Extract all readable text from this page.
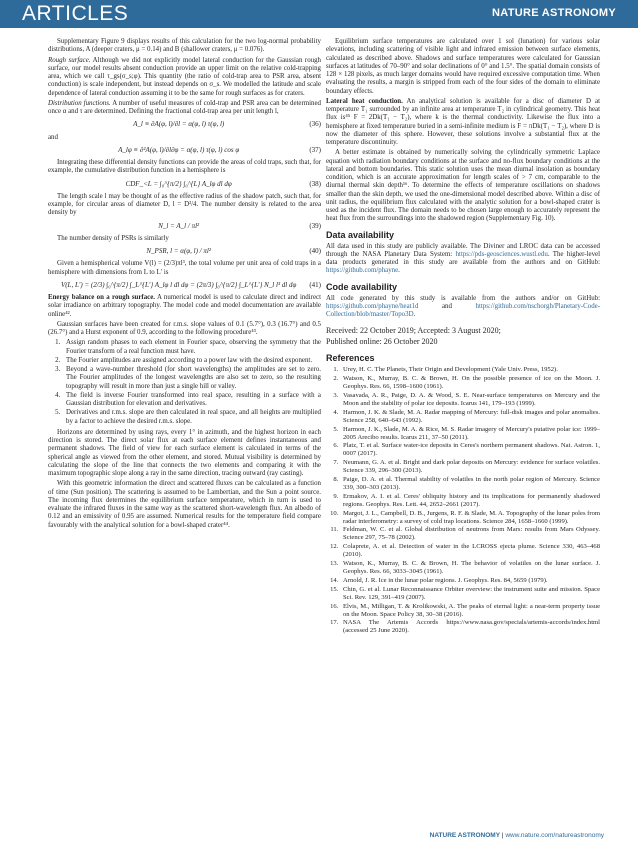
ARTICLES	NATURE ASTRONOMY

Supplementary Figure 9 displays results of this calculation for the two log-normal probability distributions, A (deeper craters, μ = 0.14) and B (shallower craters, μ = 0.076).

Rough surface. Although we did not explicitly model lateral conduction for the Gaussian rough surface, our model results absent conduction provide an upper limit on the relative cold-trapping area, which we call τ_gs(σ_s;φ). This quantity (the ratio of cold-trap area to PSR area, absent conduction) is scale independent, but instead depends on σ_s. We modelled the latitude and scale dependence of lateral conduction assuming it to be the same for rough surfaces as for craters.

Distribution functions. A number of useful measures of cold-trap and PSR area can be determined once α and τ are determined. Defining the fractional cold-trap area per unit length l,

A_l ≡ ∂A(φ, l)/∂l = α(φ, l) τ(φ, l)	(36)

and

A_lφ ≡ ∂²A(φ, l)/∂l∂φ = α(φ, l) τ(φ, l) cos φ	(37)

Integrating these differential density functions can provide the areas of cold traps, such that, for example, the cumulative distribution function in a hemisphere is

CDF_<L = ∫₀^{π/2} ∫₀^{L} A_lφ dl dφ	(38)

The length scale l may be thought of as the effective radius of the shadow patch, such that, for example, for circular areas of diameter D, l = D²/4. The number density is related to the area density by

N_l = A_l / πl²	(39)

The number density of PSRs is similarly

N_PSR, l = α(φ, l) / πl²	(40)

Given a hemispherical volume V(l) = (2/3)πl³, the total volume per unit area of cold traps in a hemisphere with dimensions from L to L′ is

V(L, L′) = (2/3) ∫₀^{π/2} ∫_L^{L′} A_lφ l dl dφ = (2π/3) ∫₀^{π/2} ∫_L^{L′} N_l l³ dl dφ	(41)

Energy balance on a rough surface. A numerical model is used to calculate direct and indirect solar irradiance on arbitrary topography. The model code and model documentation are available online⁴².

Gaussian surfaces have been created for r.m.s. slope values of 0.1 (5.7°), 0.3 (16.7°) and 0.5 (26.7°) and a Hurst exponent of 0.9, according to the following procedure⁴³.

1. Assign random phases to each element in Fourier space, observing the symmetry that the Fourier transform of a real function must have.
2. The Fourier amplitudes are assigned according to a power law with the desired exponent.
3. Beyond a wave-number threshold (for short wavelengths) the amplitudes are set to zero. The Fourier amplitudes of the longest wavelengths are also set to zero, so the resulting topography will result in more than just a single hill or valley.
4. The field is inverse Fourier transformed into real space, resulting in a surface with a Gaussian distribution for elevation and derivatives.
5. Derivatives and r.m.s. slope are then calculated in real space, and all heights are multiplied by a factor to achieve the desired r.m.s. slope.

Horizons are determined by using rays, every 1° in azimuth, and the highest horizon in each direction is stored. The direct solar flux at each surface element defines instantaneous and permanent shadows. The field of view for each surface element is calculated in terms of the spherical angle as viewed from the other element, and stored. Mutual visibility is determined by calculating the slope of the line that connects the two elements and comparing it with the maximum topographic slope along a ray in the same direction, tracing outward (ray casting).

With this geometric information the direct and scattered fluxes can be calculated as a function of time (Sun position). The scattering is assumed to be Lambertian, and the Sun a point source. The incoming flux determines the equilibrium surface temperature, which in turn is used to evaluate the infrared fluxes in the same way as the scattered short-wavelength flux. An albedo of 0.12 and an emissivity of 0.95 are assumed. Numerical results for the temperature field compare favourably with the analytical solution for a bowl-shaped crater⁴⁴.

Equilibrium surface temperatures are calculated over 1 sol (lunation) for various solar elevations, including scattering of visible light and infrared emission between surface elements, calculated as described above. Shadows and surface temperatures were calculated for Gaussian surfaces at latitudes of 70–90° and solar declinations of 0° and 1.5°. The spatial domain consists of 128 × 128 pixels, as much larger domains would have required excessive computation time. When evaluating the results, a margin is stripped from each of the four sides of the domain to eliminate boundary effects.

Lateral heat conduction. An analytical solution is available for a disc of diameter D at temperature T₁ surrounded by an infinite area at temperature T₂ in cylindrical geometry. This heat flux is⁴⁵ F = 2Dk(T₁ − T₂), where k is the thermal conductivity. Likewise the flux into a hemisphere at fixed temperature buried in a semi-infinite medium is F = πDk(T₁ − T₂), where D is now the diameter of this sphere. However, these solutions involve a substantial flux at the temperature discontinuity.

A better estimate is obtained by numerically solving the cylindrically symmetric Laplace equation with radiation boundary conditions at the surface and no-flux boundary conditions at the lateral and bottom boundaries. This static solution uses the mean diurnal insolation as boundary condition, which is an accurate approximation for length scales of > 7 cm, comparable to the diurnal thermal skin depth¹⁶. To determine the effects of temperature oscillations on shadows smaller than the skin depth, we used the one-dimensional model described above. Within a disc of unit radius, the equilibrium flux calculated with the analytic solution for a bowl-shaped crater is used as the incident flux. The domain needs to be chosen large enough to accurately represent the heat flux from the surroundings into the shadowed region (Supplementary Fig. 10).

Data availability

All data used in this study are publicly available. The Diviner and LROC data can be accessed through the NASA Planetary Data System: https://pds-geosciences.wustl.edu. The higher-level data products generated in this study are available from the authors and on GitHub: https://github.com/phayne.

Code availability

All code generated by this study is available from the authors and/or on GitHub: https://github.com/phayne/heat1d and https://github.com/nschorgh/Planetary-Code-Collection/blob/master/Topo3D.

Received: 22 October 2019; Accepted: 3 August 2020;
Published online: 26 October 2020
References
1. Urey, H. C. The Planets, Their Origin and Development (Yale Univ. Press, 1952).
2. Watson, K., Murray, B. C. & Brown, H. On the possible presence of ice on the Moon. J. Geophys. Res. 66, 1598–1600 (1961).
3. Vasavada, A. R., Paige, D. A. & Wood, S. E. Near-surface temperatures on Mercury and the Moon and the stability of polar ice deposits. Icarus 141, 179–193 (1999).
4. Harmon, J. K. & Slade, M. A. Radar mapping of Mercury: full-disk images and polar anomalies. Science 258, 640–643 (1992).
5. Harmon, J. K., Slade, M. A. & Rice, M. S. Radar imagery of Mercury's putative polar ice: 1999–2005 Arecibo results. Icarus 211, 37–50 (2011).
6. Platz, T. et al. Surface water-ice deposits in Ceres's northern permanent shadows. Nat. Astron. 1, 0007 (2017).
7. Neumann, G. A. et al. Bright and dark polar deposits on Mercury: evidence for surface volatiles. Science 339, 296–300 (2013).
8. Paige, D. A. et al. Thermal stability of volatiles in the north polar region of Mercury. Science 339, 300–303 (2013).
9. Ermakov, A. I. et al. Ceres' obliquity history and its implications for permanently shadowed regions. Geophys. Res. Lett. 44, 2652–2661 (2017).
10. Margot, J. L., Campbell, D. B., Jurgens, R. F. & Slade, M. A. Topography of the lunar poles from radar interferometry: a survey of cold trap locations. Science 284, 1658–1660 (1999).
11. Feldman, W. C. et al. Global distribution of neutrons from Mars: results from Mars Odyssey. Science 297, 75–78 (2002).
12. Colaprete, A. et al. Detection of water in the LCROSS ejecta plume. Science 330, 463–468 (2010).
13. Watson, K., Murray, B. C. & Brown, H. The behavior of volatiles on the lunar surface. J. Geophys. Res. 66, 3033–3045 (1961).
14. Arnold, J. R. Ice in the lunar polar regions. J. Geophys. Res. 84, 5659 (1979).
15. Chin, G. et al. Lunar Reconnaissance Orbiter overview: the instrument suite and mission. Space Sci. Rev. 129, 391–419 (2007).
16. Elvis, M., Milligan, T. & Krolikowski, A. The peaks of eternal light: a near-term property issue on the Moon. Space Policy 38, 30–38 (2016).
17. NASA The Artemis Accords https://www.nasa.gov/specials/artemis-accords/index.html (accessed 25 June 2020).
NATURE ASTRONOMY | www.nature.com/natureastronomy
